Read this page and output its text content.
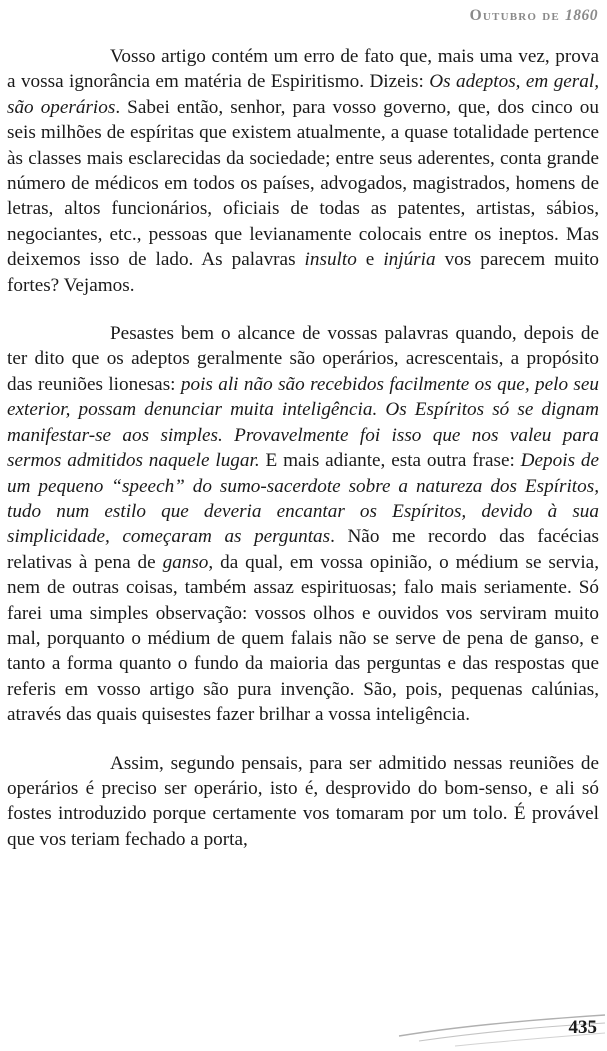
Outubro de 1860

Vosso artigo contém um erro de fato que, mais uma vez, prova a vossa ignorância em matéria de Espiritismo. Dizeis: Os adeptos, em geral, são operários. Sabei então, senhor, para vosso governo, que, dos cinco ou seis milhões de espíritas que existem atualmente, a quase totalidade pertence às classes mais esclarecidas da sociedade; entre seus aderentes, conta grande número de médicos em todos os países, advogados, magistrados, homens de letras, altos funcionários, oficiais de todas as patentes, artistas, sábios, negociantes, etc., pessoas que levianamente colocais entre os ineptos. Mas deixemos isso de lado. As palavras insulto e injúria vos parecem muito fortes? Vejamos.

Pesastes bem o alcance de vossas palavras quando, depois de ter dito que os adeptos geralmente são operários, acrescentais, a propósito das reuniões lionesas: pois ali não são recebidos facilmente os que, pelo seu exterior, possam denunciar muita inteligência. Os Espíritos só se dignam manifestar-se aos simples. Provavelmente foi isso que nos valeu para sermos admitidos naquele lugar. E mais adiante, esta outra frase: Depois de um pequeno “speech” do sumo-sacerdote sobre a natureza dos Espíritos, tudo num estilo que deveria encantar os Espíritos, devido à sua simplicidade, começaram as perguntas. Não me recordo das facécias relativas à pena de ganso, da qual, em vossa opinião, o médium se servia, nem de outras coisas, também assaz espirituosas; falo mais seriamente. Só farei uma simples observação: vossos olhos e ouvidos vos serviram muito mal, porquanto o médium de quem falais não se serve de pena de ganso, e tanto a forma quanto o fundo da maioria das perguntas e das respostas que referis em vosso artigo são pura invenção. São, pois, pequenas calúnias, através das quais quisestes fazer brilhar a vossa inteligência.

Assim, segundo pensais, para ser admitido nessas reuniões de operários é preciso ser operário, isto é, desprovido do bom-senso, e ali só fostes introduzido porque certamente vos tomaram por um tolo. É provável que vos teriam fechado a porta,

435
